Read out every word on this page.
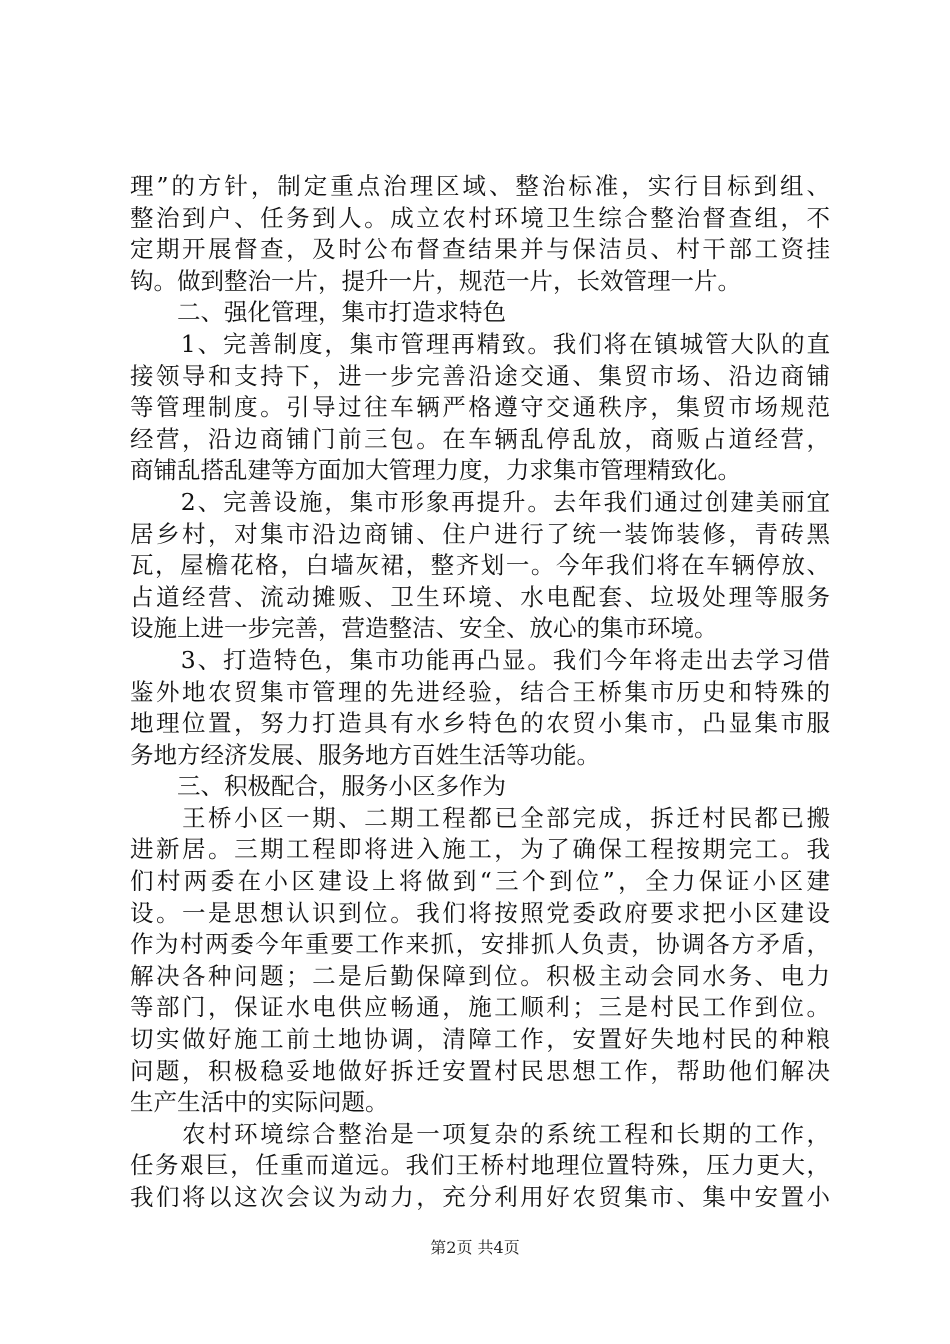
理”的方针，制定重点治理区域、整治标准，实行目标到组、
整治到户、任务到人。成立农村环境卫生综合整治督查组，不
定期开展督查，及时公布督查结果并与保洁员、村干部工资挂
钩。做到整治一片，提升一片，规范一片，长效管理一片。
　　二、强化管理，集市打造求特色
　　1、完善制度，集市管理再精致。我们将在镇城管大队的直
接领导和支持下，进一步完善沿途交通、集贸市场、沿边商铺
等管理制度。引导过往车辆严格遵守交通秩序，集贸市场规范
经营，沿边商铺门前三包。在车辆乱停乱放，商贩占道经营，
商铺乱搭乱建等方面加大管理力度，力求集市管理精致化。
　　2、完善设施，集市形象再提升。去年我们通过创建美丽宜
居乡村，对集市沿边商铺、住户进行了统一装饰装修，青砖黑
瓦，屋檐花格，白墙灰裙，整齐划一。今年我们将在车辆停放、
占道经营、流动摊贩、卫生环境、水电配套、垃圾处理等服务
设施上进一步完善，营造整洁、安全、放心的集市环境。
　　3、打造特色，集市功能再凸显。我们今年将走出去学习借
鉴外地农贸集市管理的先进经验，结合王桥集市历史和特殊的
地理位置，努力打造具有水乡特色的农贸小集市，凸显集市服
务地方经济发展、服务地方百姓生活等功能。
　　三、积极配合，服务小区多作为
　　王桥小区一期、二期工程都已全部完成，拆迁村民都已搬
进新居。三期工程即将进入施工，为了确保工程按期完工。我
们村两委在小区建设上将做到“三个到位”，全力保证小区建
设。一是思想认识到位。我们将按照党委政府要求把小区建设
作为村两委今年重要工作来抓，安排抓人负责，协调各方矛盾，
解决各种问题；二是后勤保障到位。积极主动会同水务、电力
等部门，保证水电供应畅通，施工顺利；三是村民工作到位。
切实做好施工前土地协调，清障工作，安置好失地村民的种粮
问题，积极稳妥地做好拆迁安置村民思想工作，帮助他们解决
生产生活中的实际问题。
　　农村环境综合整治是一项复杂的系统工程和长期的工作，
任务艰巨，任重而道远。我们王桥村地理位置特殊，压力更大，
我们将以这次会议为动力，充分利用好农贸集市、集中安置小
第2页 共4页
